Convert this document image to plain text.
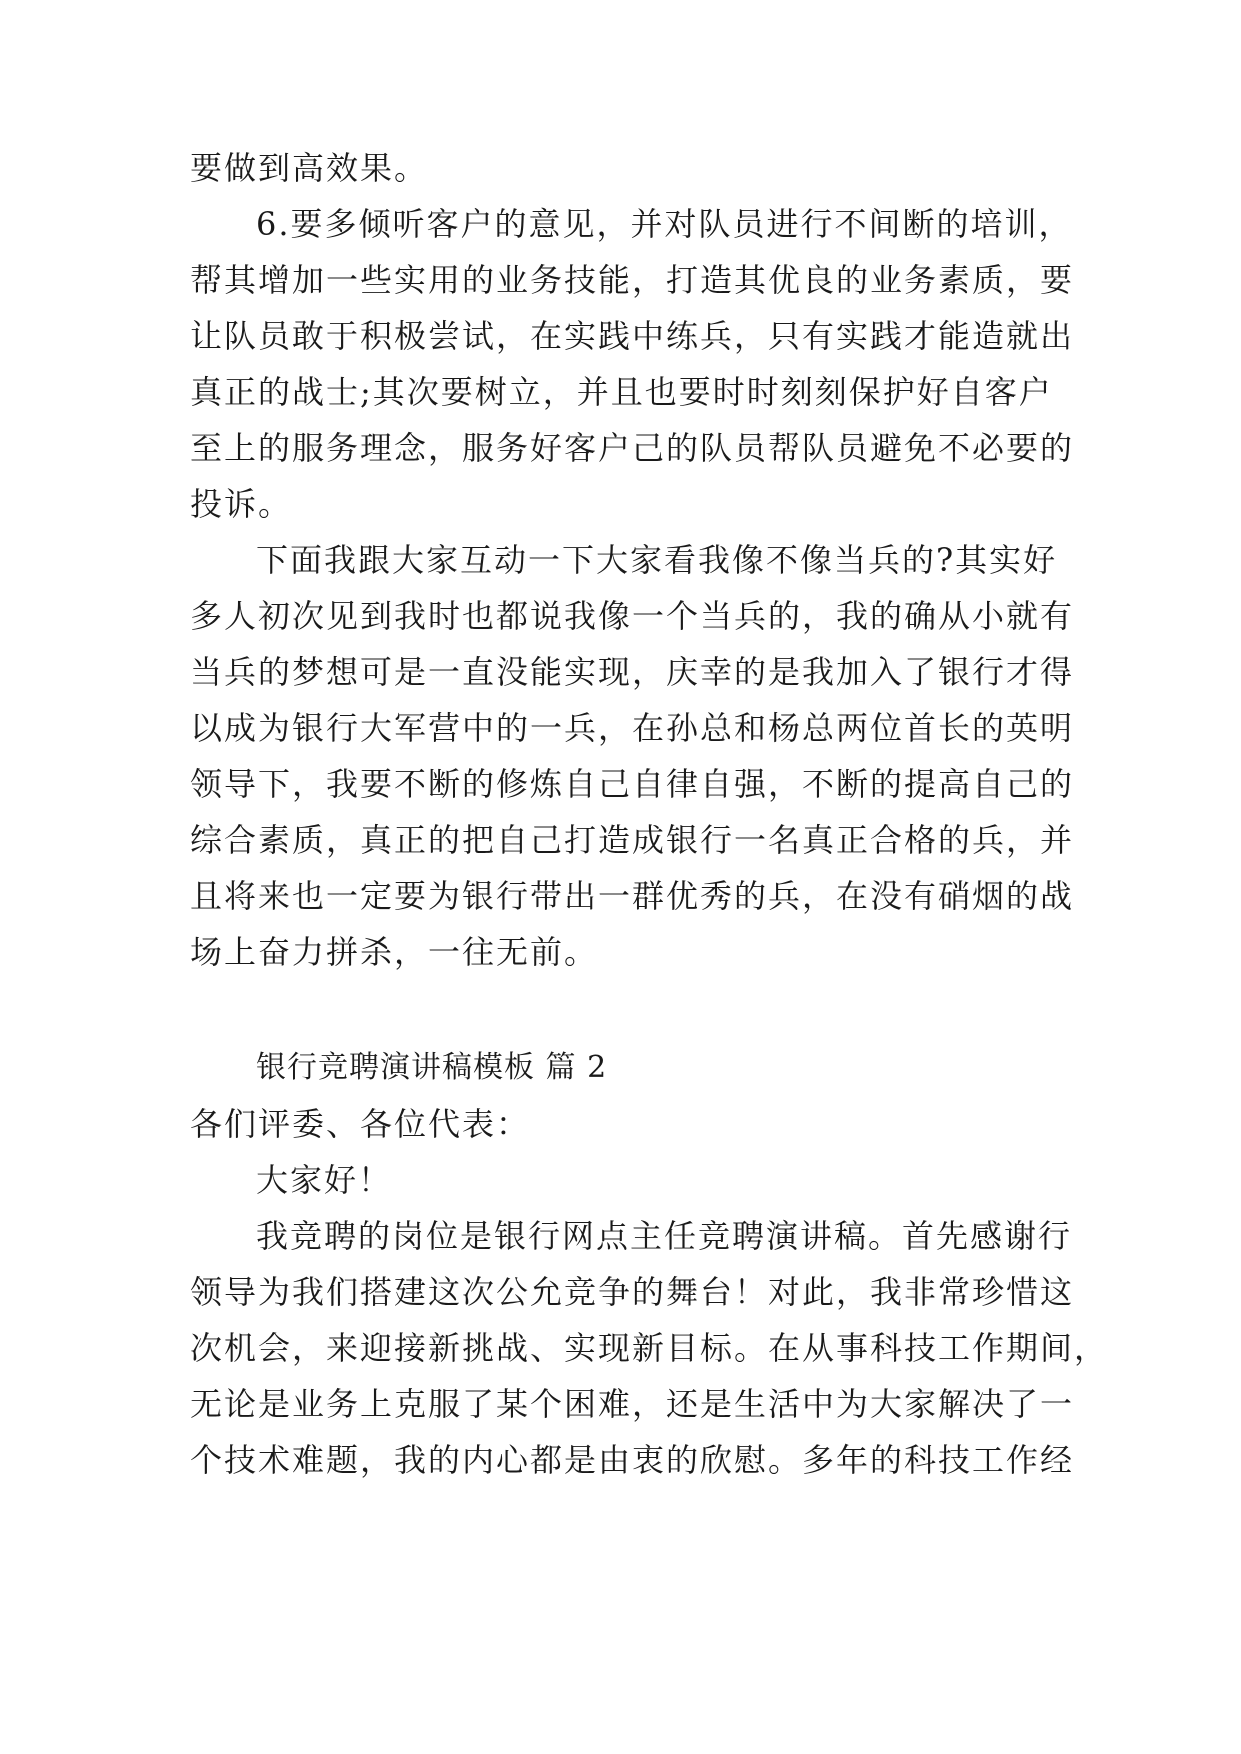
要做到高效果。
6.要多倾听客户的意见，并对队员进行不间断的培训，
帮其增加一些实用的业务技能，打造其优良的业务素质，要
让队员敢于积极尝试，在实践中练兵，只有实践才能造就出
真正的战士;其次要树立，并且也要时时刻刻保护好自客户
至上的服务理念，服务好客户己的队员帮队员避免不必要的
投诉。
下面我跟大家互动一下大家看我像不像当兵的?其实好
多人初次见到我时也都说我像一个当兵的，我的确从小就有
当兵的梦想可是一直没能实现，庆幸的是我加入了银行才得
以成为银行大军营中的一兵，在孙总和杨总两位首长的英明
领导下，我要不断的修炼自己自律自强，不断的提高自己的
综合素质，真正的把自己打造成银行一名真正合格的兵，并
且将来也一定要为银行带出一群优秀的兵，在没有硝烟的战
场上奋力拼杀，一往无前。
银行竞聘演讲稿模板 篇 2
各们评委、各位代表：
大家好！
我竞聘的岗位是银行网点主任竞聘演讲稿。首先感谢行
领导为我们搭建这次公允竞争的舞台！对此，我非常珍惜这
次机会，来迎接新挑战、实现新目标。在从事科技工作期间，
无论是业务上克服了某个困难，还是生活中为大家解决了一
个技术难题，我的内心都是由衷的欣慰。多年的科技工作经
